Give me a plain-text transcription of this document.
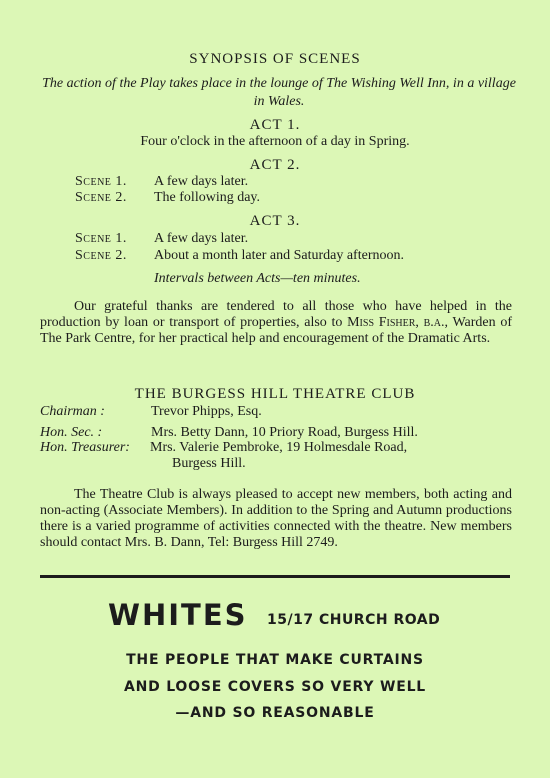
SYNOPSIS OF SCENES
The action of the Play takes place in the lounge of The Wishing Well Inn, in a village in Wales.
ACT 1.
Four o'clock in the afternoon of a day in Spring.
ACT 2.
Scene 1. A few days later.
Scene 2. The following day.
ACT 3.
Scene 1. A few days later.
Scene 2. About a month later and Saturday afternoon.
Intervals between Acts—ten minutes.
Our grateful thanks are tendered to all those who have helped in the production by loan or transport of properties, also to Miss Fisher, b.a., Warden of The Park Centre, for her practical help and encouragement of the Dramatic Arts.
THE BURGESS HILL THEATRE CLUB
Chairman :	Trevor Phipps, Esq.
Hon. Sec. :	Mrs. Betty Dann, 10 Priory Road, Burgess Hill.
Hon. Treasurer: Mrs. Valerie Pembroke, 19 Holmesdale Road,
Burgess Hill.
The Theatre Club is always pleased to accept new members, both acting and non-acting (Associate Members). In addition to the Spring and Autumn productions there is a varied programme of activities connected with the theatre. New members should contact Mrs. B. Dann, Tel: Burgess Hill 2749.
WHITES 15/17 CHURCH ROAD
THE PEOPLE THAT MAKE CURTAINS
AND LOOSE COVERS SO VERY WELL
—AND SO REASONABLE
